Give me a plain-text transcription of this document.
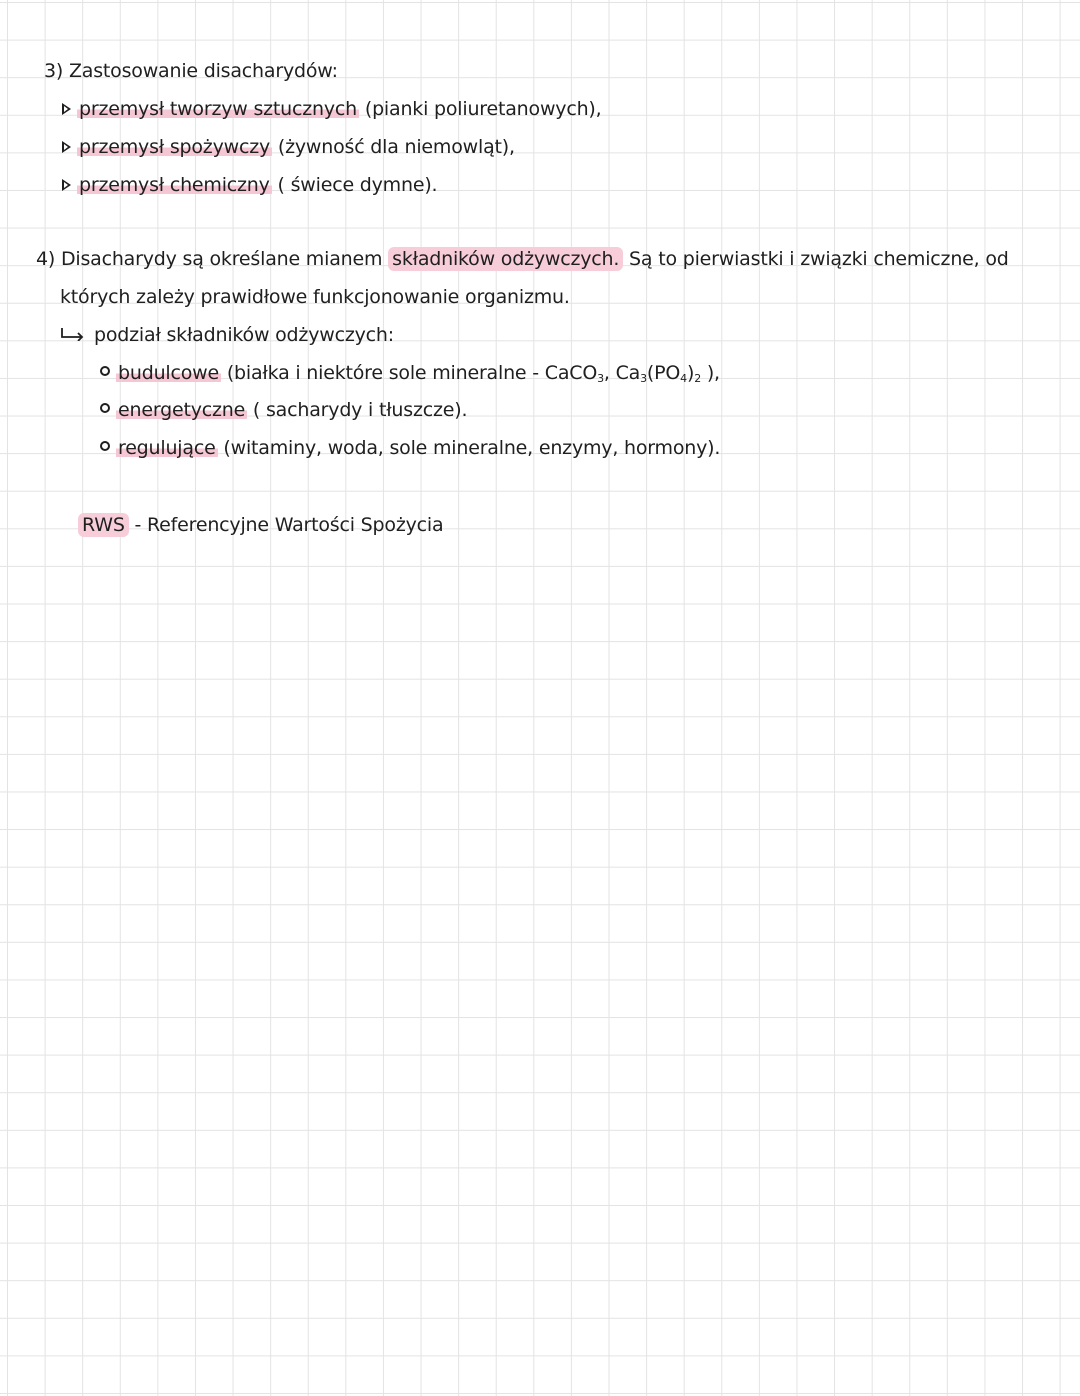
3) Zastosowanie disacharydów:
przemysł tworzyw sztucznych (pianki poliuretanowych),
przemysł spożywczy (żywność dla niemowląt),
przemysł chemiczny ( świece dymne).
4) Disacharydy są określane mianem składników odżywczych. Są to pierwiastki i związki chemiczne, od
których zależy prawidłowe funkcjonowanie organizmu.
podział składników odżywczych:
budulcowe (białka i niektóre sole mineralne - CaCO$_3$, $Ca_3(PO_4)_2$ ),
energetyczne ( sacharydy i tłuszcze).
regulujące (witaminy, woda, sole mineralne, enzymy, hormony).
RWS - Referencyjne Wartości Spożycia
